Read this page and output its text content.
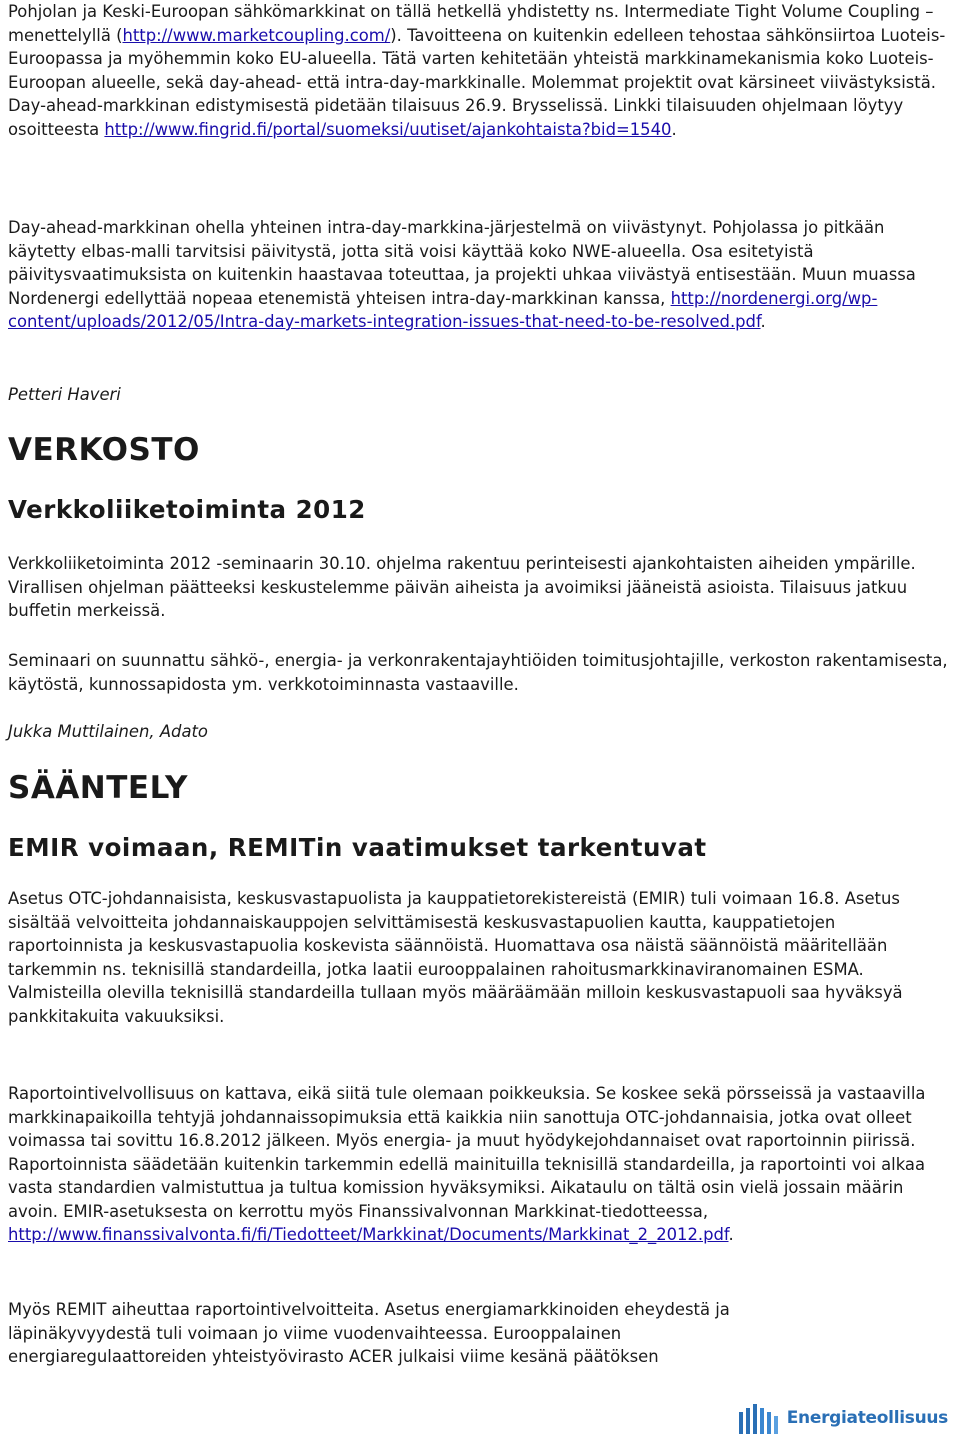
Pohjolan ja Keski-Euroopan sähkömarkkinat on tällä hetkellä yhdistetty ns. Intermediate Tight Volume Coupling –menettelyllä (http://www.marketcoupling.com/). Tavoitteena on kuitenkin edelleen tehostaa sähkönsiirtoa Luoteis-Euroopassa ja myöhemmin koko EU-alueella. Tätä varten kehitetään yhteistä markkinamekanismia koko Luoteis-Euroopan alueelle, sekä day-ahead- että intra-day-markkinalle. Molemmat projektit ovat kärsineet viivästyksistä. Day-ahead-markkinan edistymisestä pidetään tilaisuus 26.9. Brysselissä. Linkki tilaisuuden ohjelmaan löytyy osoitteesta http://www.fingrid.fi/portal/suomeksi/uutiset/ajankohtaista?bid=1540.

Day-ahead-markkinan ohella yhteinen intra-day-markkina-järjestelmä on viivästynyt. Pohjolassa jo pitkään käytetty elbas-malli tarvitsisi päivitystä, jotta sitä voisi käyttää koko NWE-alueella. Osa esitetyistä päivitysvaatimuksista on kuitenkin haastavaa toteuttaa, ja projekti uhkaa viivästyä entisestään. Muun muassa Nordenergi edellyttää nopeaa etenemistä yhteisen intra-day-markkinan kanssa, http://nordenergi.org/wp-content/uploads/2012/05/Intra-day-markets-integration-issues-that-need-to-be-resolved.pdf.

Petteri Haveri

VERKOSTO
Verkkoliiketoiminta 2012

Verkkoliiketoiminta 2012 -seminaarin 30.10. ohjelma rakentuu perinteisesti ajankohtaisten aiheiden ympärille. Virallisen ohjelman päätteeksi keskustelemme päivän aiheista ja avoimiksi jääneistä asioista. Tilaisuus jatkuu buffetin merkeissä.

Seminaari on suunnattu sähkö-, energia- ja verkonrakentajayhtiöiden toimitusjohtajille, verkoston rakentamisesta, käytöstä, kunnossapidosta ym. verkkotoiminnasta vastaaville.

Jukka Muttilainen, Adato

SÄÄNTELY
EMIR voimaan, REMITin vaatimukset tarkentuvat

Asetus OTC-johdannaisista, keskusvastapuolista ja kauppatietorekistereistä (EMIR) tuli voimaan 16.8. Asetus sisältää velvoitteita johdannaiskauppojen selvittämisestä keskusvastapuolien kautta, kauppatietojen raportoinnista ja keskusvastapuolia koskevista säännöistä. Huomattava osa näistä säännöistä määritellään tarkemmin ns. teknisillä standardeilla, jotka laatii eurooppalainen rahoitusmarkkinaviranomainen ESMA. Valmisteilla olevilla teknisillä standardeilla tullaan myös määräämään milloin keskusvastapuoli saa hyväksyä pankkitakuita vakuuksiksi.

Raportointivelvollisuus on kattava, eikä siitä tule olemaan poikkeuksia. Se koskee sekä pörsseissä ja vastaavilla markkinapaikoilla tehtyjä johdannaissopimuksia että kaikkia niin sanottuja OTC-johdannaisia, jotka ovat olleet voimassa tai sovittu 16.8.2012 jälkeen. Myös energia- ja muut hyödykejohdannaiset ovat raportoinnin piirissä. Raportoinnista säädetään kuitenkin tarkemmin edellä mainituilla teknisillä standardeilla, ja raportointi voi alkaa vasta standardien valmistuttua ja tultua komission hyväksymiksi. Aikataulu on tältä osin vielä jossain määrin avoin. EMIR-asetuksesta on kerrottu myös Finanssivalvonnan Markkinat-tiedotteessa, http://www.finanssivalvonta.fi/fi/Tiedotteet/Markkinat/Documents/Markkinat_2_2012.pdf.

Myös REMIT aiheuttaa raportointivelvoitteita. Asetus energiamarkkinoiden eheydestä ja läpinäkyvyydestä tuli voimaan jo viime vuodenvaihteessa. Eurooppalainen energiaregulaattoreiden yhteistyövirasto ACER julkaisi viime kesänä päätöksen

Energiateollisuus
